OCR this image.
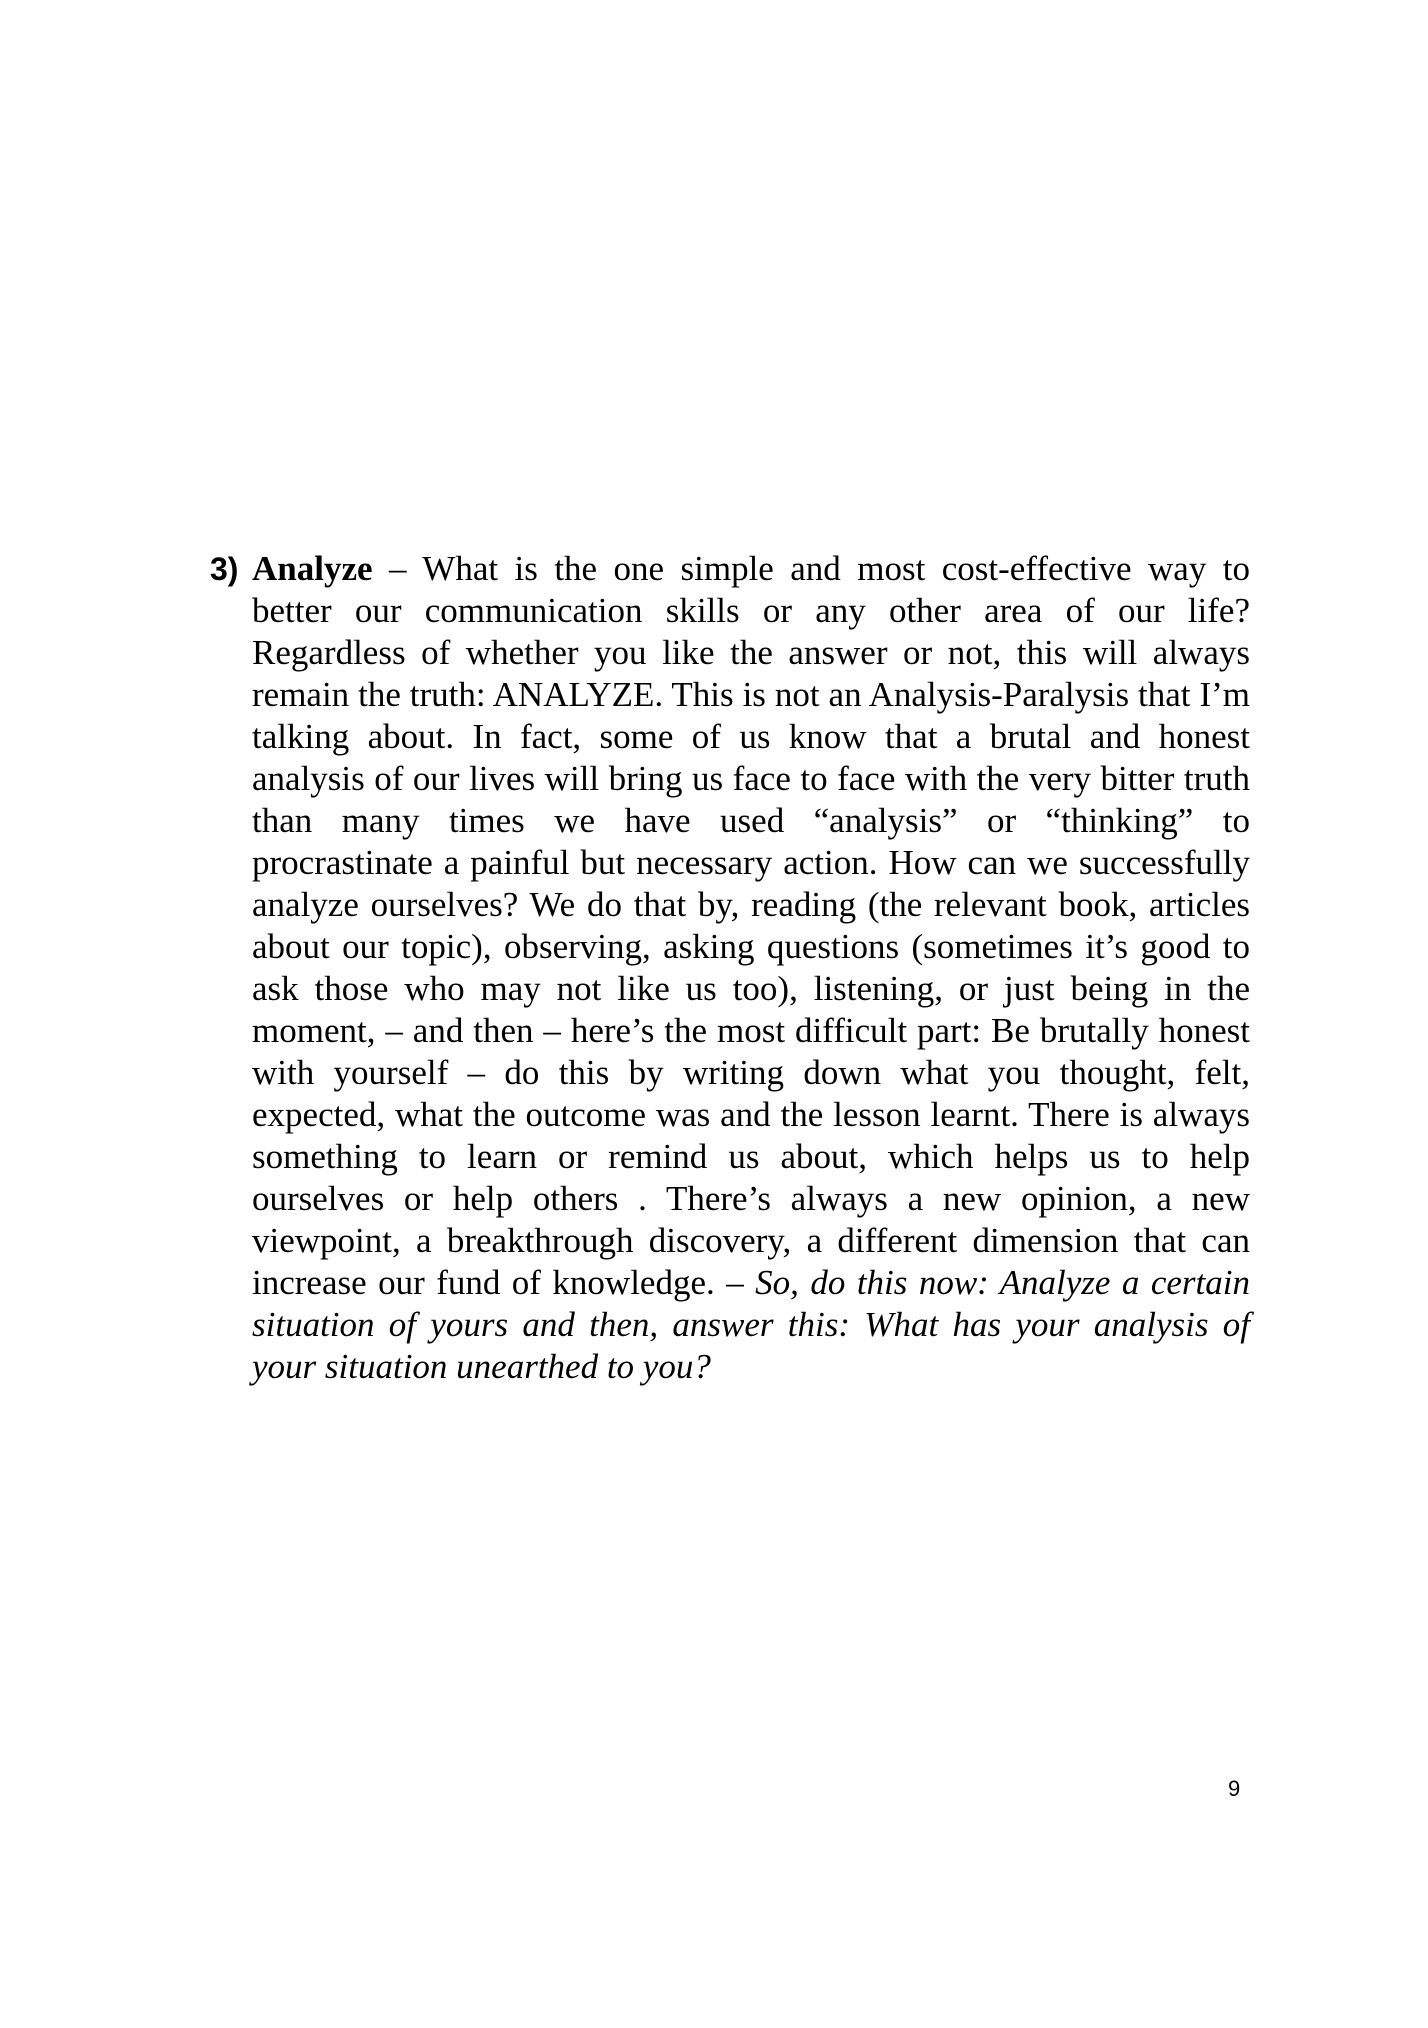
3) Analyze – What is the one simple and most cost-effective way to better our communication skills or any other area of our life? Regardless of whether you like the answer or not, this will always remain the truth: ANALYZE. This is not an Analysis-Paralysis that I’m talking about. In fact, some of us know that a brutal and honest analysis of our lives will bring us face to face with the very bitter truth than many times we have used “analysis” or “thinking” to procrastinate a painful but necessary action. How can we successfully analyze ourselves? We do that by, reading (the relevant book, articles about our topic), observing, asking questions (sometimes it’s good to ask those who may not like us too), listening, or just being in the moment, – and then – here’s the most difficult part: Be brutally honest with yourself – do this by writing down what you thought, felt, expected, what the outcome was and the lesson learnt. There is always something to learn or remind us about, which helps us to help ourselves or help others . There’s always a new opinion, a new viewpoint, a breakthrough discovery, a different dimension that can increase our fund of knowledge. – So, do this now: Analyze a certain situation of yours and then, answer this: What has your analysis of your situation unearthed to you?
9
